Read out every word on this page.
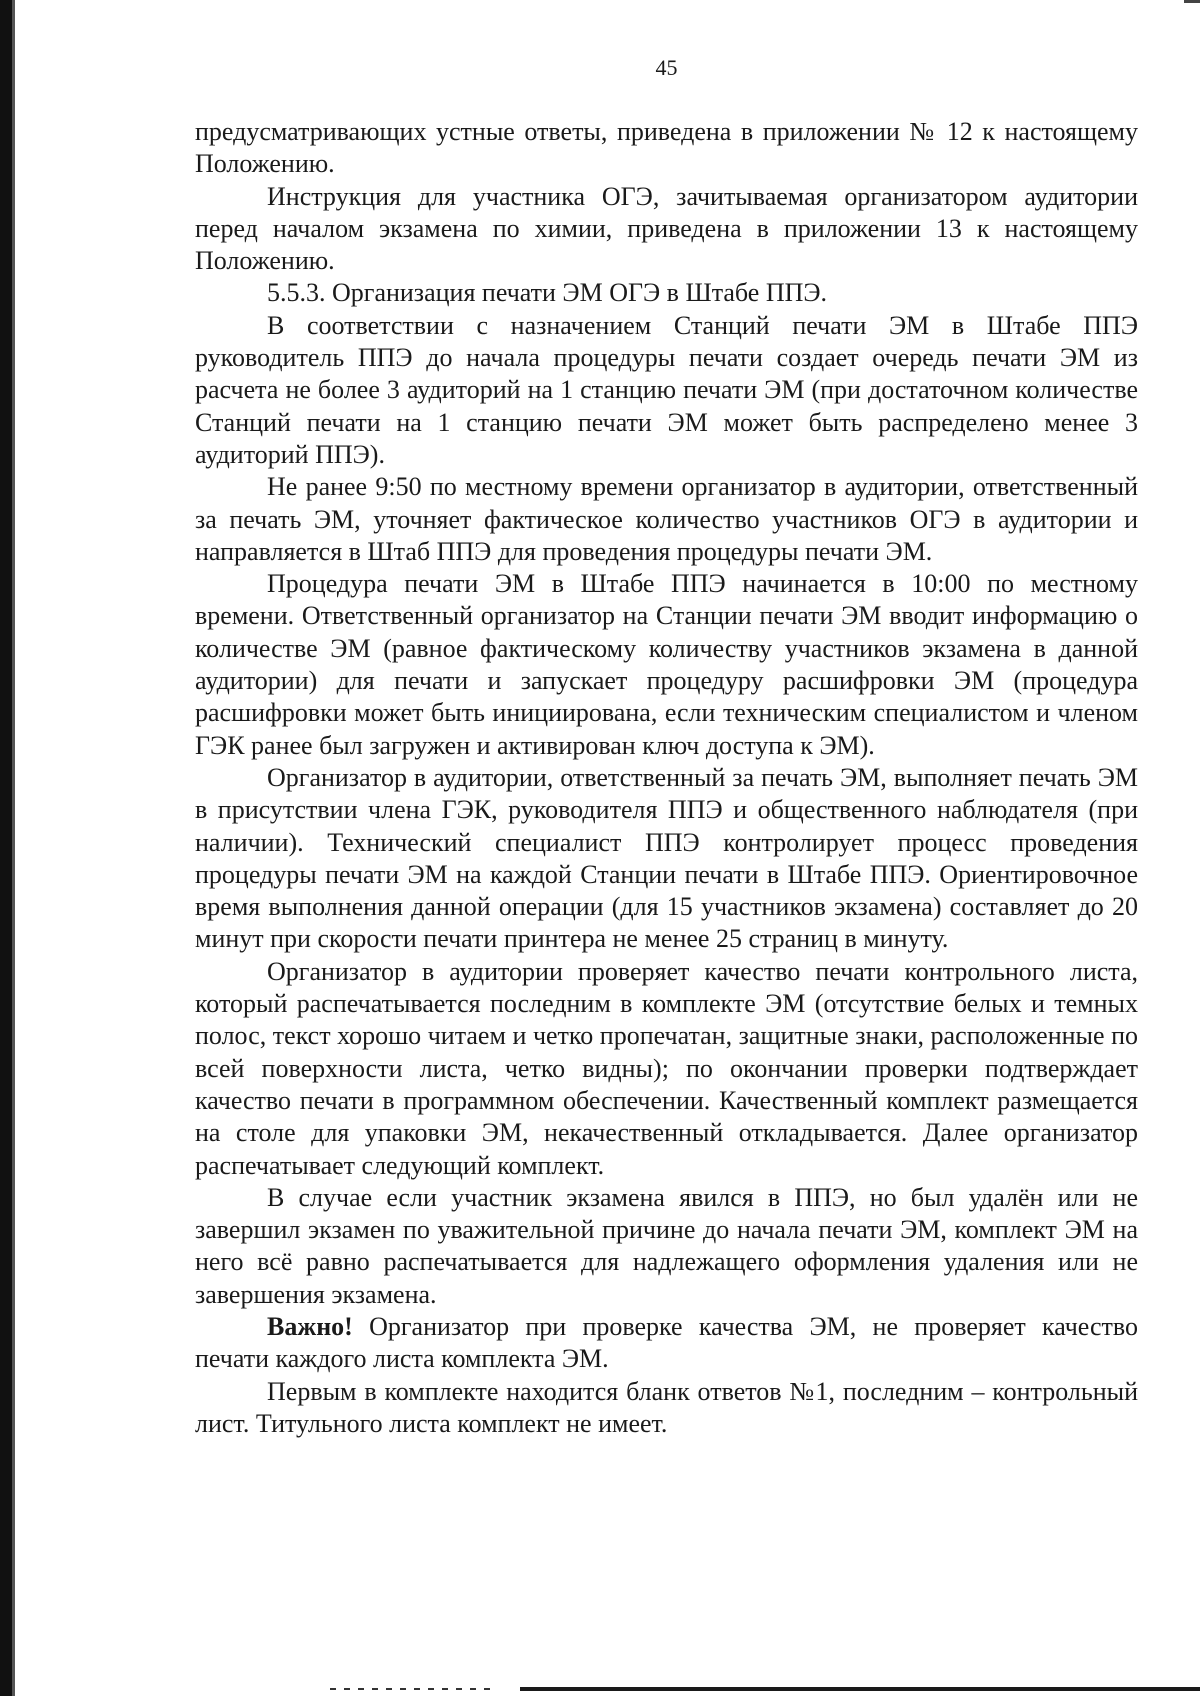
45

предусматривающих устные ответы, приведена в приложении № 12 к настоящему Положению.

Инструкция для участника ОГЭ, зачитываемая организатором аудитории перед началом экзамена по химии, приведена в приложении 13 к настоящему Положению.

5.5.3. Организация печати ЭМ ОГЭ в Штабе ППЭ.

В соответствии с назначением Станций печати ЭМ в Штабе ППЭ руководитель ППЭ до начала процедуры печати создает очередь печати ЭМ из расчета не более 3 аудиторий на 1 станцию печати ЭМ (при достаточном количестве Станций печати на 1 станцию печати ЭМ может быть распределено менее 3 аудиторий ППЭ).

Не ранее 9:50 по местному времени организатор в аудитории, ответственный за печать ЭМ, уточняет фактическое количество участников ОГЭ в аудитории и направляется в Штаб ППЭ для проведения процедуры печати ЭМ.

Процедура печати ЭМ в Штабе ППЭ начинается в 10:00 по местному времени. Ответственный организатор на Станции печати ЭМ вводит информацию о количестве ЭМ (равное фактическому количеству участников экзамена в данной аудитории) для печати и запускает процедуру расшифровки ЭМ (процедура расшифровки может быть инициирована, если техническим специалистом и членом ГЭК ранее был загружен и активирован ключ доступа к ЭМ).

Организатор в аудитории, ответственный за печать ЭМ, выполняет печать ЭМ в присутствии члена ГЭК, руководителя ППЭ и общественного наблюдателя (при наличии). Технический специалист ППЭ контролирует процесс проведения процедуры печати ЭМ на каждой Станции печати в Штабе ППЭ. Ориентировочное время выполнения данной операции (для 15 участников экзамена) составляет до 20 минут при скорости печати принтера не менее 25 страниц в минуту.

Организатор в аудитории проверяет качество печати контрольного листа, который распечатывается последним в комплекте ЭМ (отсутствие белых и темных полос, текст хорошо читаем и четко пропечатан, защитные знаки, расположенные по всей поверхности листа, четко видны); по окончании проверки подтверждает качество печати в программном обеспечении. Качественный комплект размещается на столе для упаковки ЭМ, некачественный откладывается. Далее организатор распечатывает следующий комплект.

В случае если участник экзамена явился в ППЭ, но был удалён или не завершил экзамен по уважительной причине до начала печати ЭМ, комплект ЭМ на него всё равно распечатывается для надлежащего оформления удаления или не завершения экзамена.

Важно! Организатор при проверке качества ЭМ, не проверяет качество печати каждого листа комплекта ЭМ.

Первым в комплекте находится бланк ответов №1, последним – контрольный лист. Титульного листа комплект не имеет.
